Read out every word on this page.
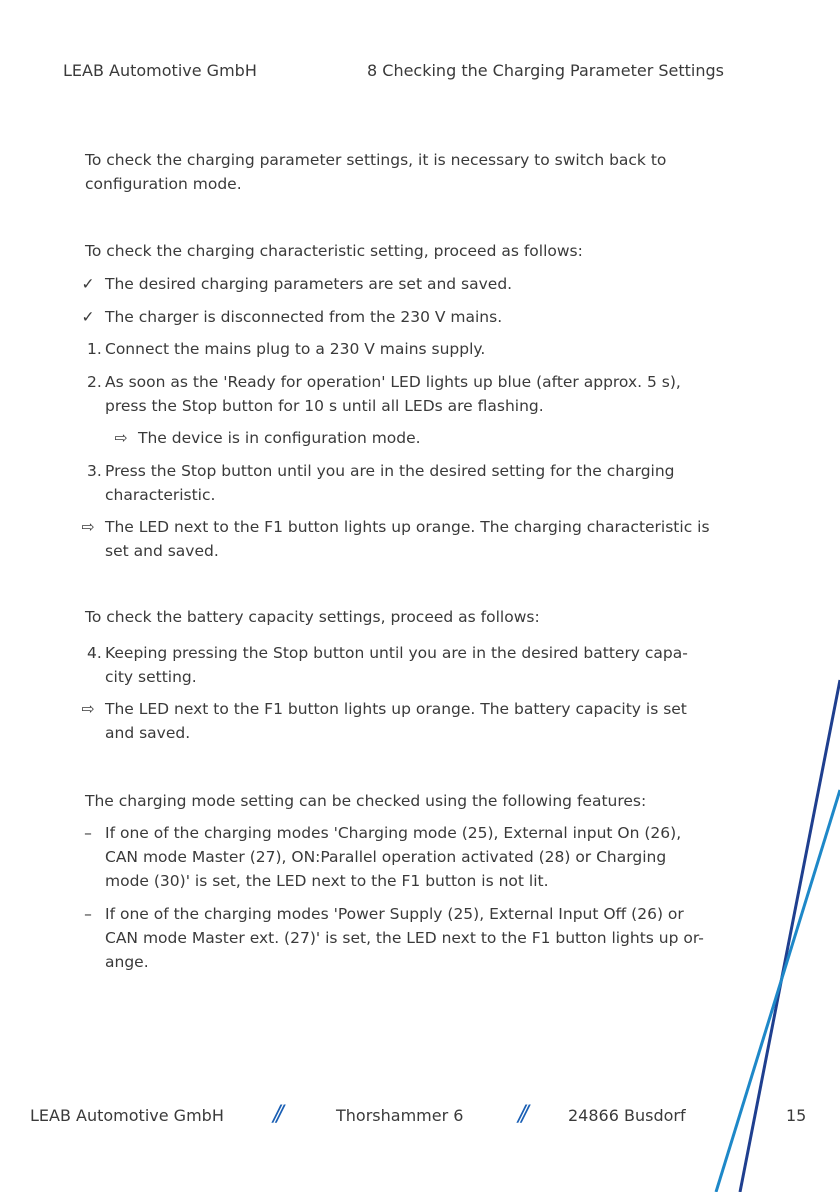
LEAB Automotive GmbH	8 Checking the Charging Parameter Settings
To check the charging parameter settings, it is necessary to switch back to
configuration mode.
To check the charging characteristic setting, proceed as follows:
✓ The desired charging parameters are set and saved.
✓ The charger is disconnected from the 230 V mains.
1. Connect the mains plug to a 230 V mains supply.
2. As soon as the 'Ready for operation' LED lights up blue (after approx. 5 s),
press the Stop button for 10 s until all LEDs are flashing.
⇨ The device is in configuration mode.
3. Press the Stop button until you are in the desired setting for the charging
characteristic.
⇨ The LED next to the F1 button lights up orange. The charging characteristic is
set and saved.
To check the battery capacity settings, proceed as follows:
4. Keeping pressing the Stop button until you are in the desired battery capa-
city setting.
⇨ The LED next to the F1 button lights up orange. The battery capacity is set
and saved.
The charging mode setting can be checked using the following features:
– If one of the charging modes 'Charging mode (25), External input On (26),
CAN mode Master (27), ON:Parallel operation activated (28) or Charging
mode (30)' is set, the LED next to the F1 button is not lit.
– If one of the charging modes 'Power Supply (25), External Input Off (26) or
CAN mode Master ext. (27)' is set, the LED next to the F1 button lights up or-
ange.
LEAB Automotive GmbH //	Thorshammer 6 //	24866 Busdorf	15
